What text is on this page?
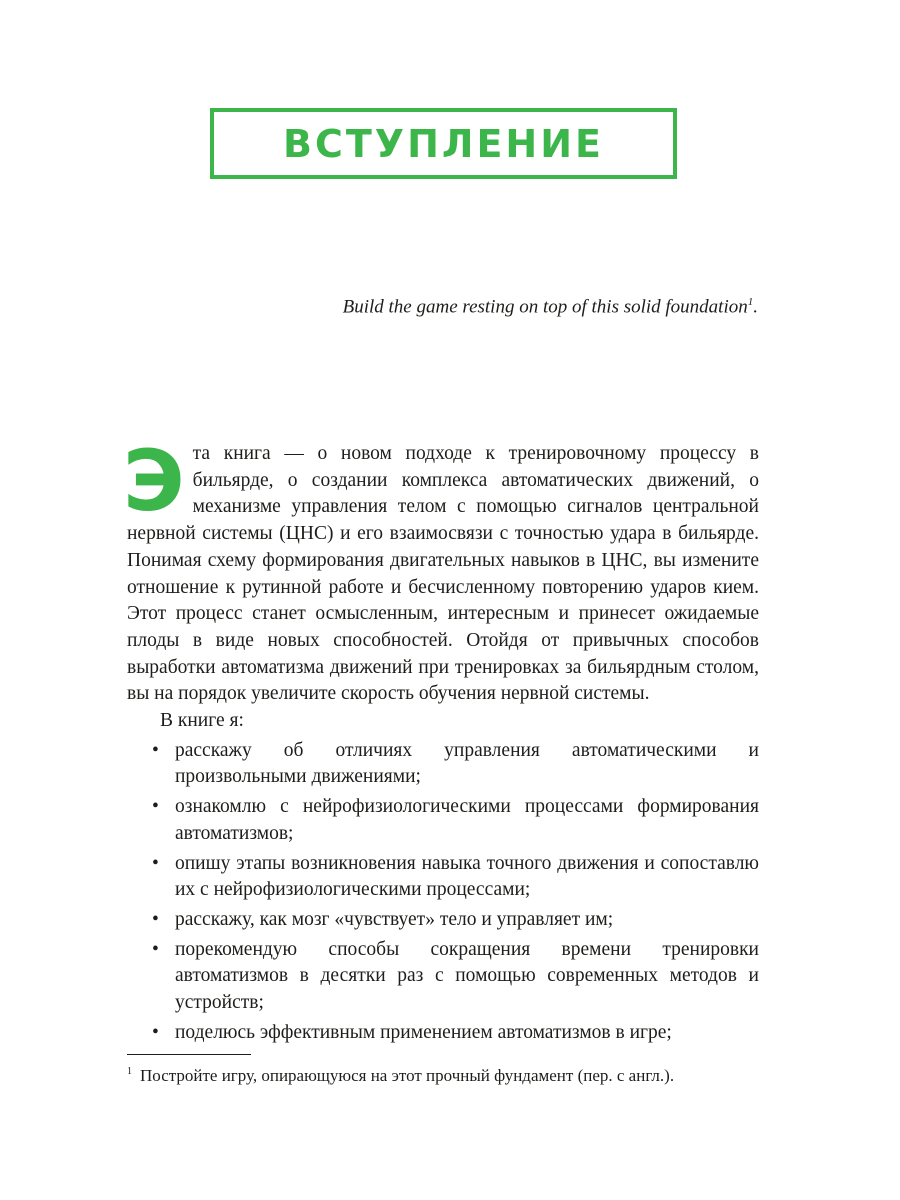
ВСТУПЛЕНИЕ
Build the game resting on top of this solid foundation$^1$.

Эта книга — о новом подходе к тренировочному процессу в бильярде, о создании комплекса автоматических движений, о механизме управления телом с помощью сигналов центральной нервной системы (ЦНС) и его взаимосвязи с точностью удара в бильярде. Понимая схему формирования двигательных навыков в ЦНС, вы измените отношение к рутинной работе и бесчисленному повторению ударов кием. Этот процесс станет осмысленным, интересным и принесет ожидаемые плоды в виде новых способностей. Отойдя от привычных способов выработки автоматизма движений при тренировках за бильярдным столом, вы на порядок увеличите скорость обучения нервной системы.

В книге я:

• расскажу об отличиях управления автоматическими и произвольными движениями;
• ознакомлю с нейрофизиологическими процессами формирования автоматизмов;
• опишу этапы возникновения навыка точного движения и сопоставлю их с нейрофизиологическими процессами;
• расскажу, как мозг «чувствует» тело и управляет им;
• порекомендую способы сокращения времени тренировки автоматизмов в десятки раз с помощью современных методов и устройств;
• поделюсь эффективным применением автоматизмов в игре;
$^1$ Постройте игру, опирающуюся на этот прочный фундамент (пер. с англ.).
